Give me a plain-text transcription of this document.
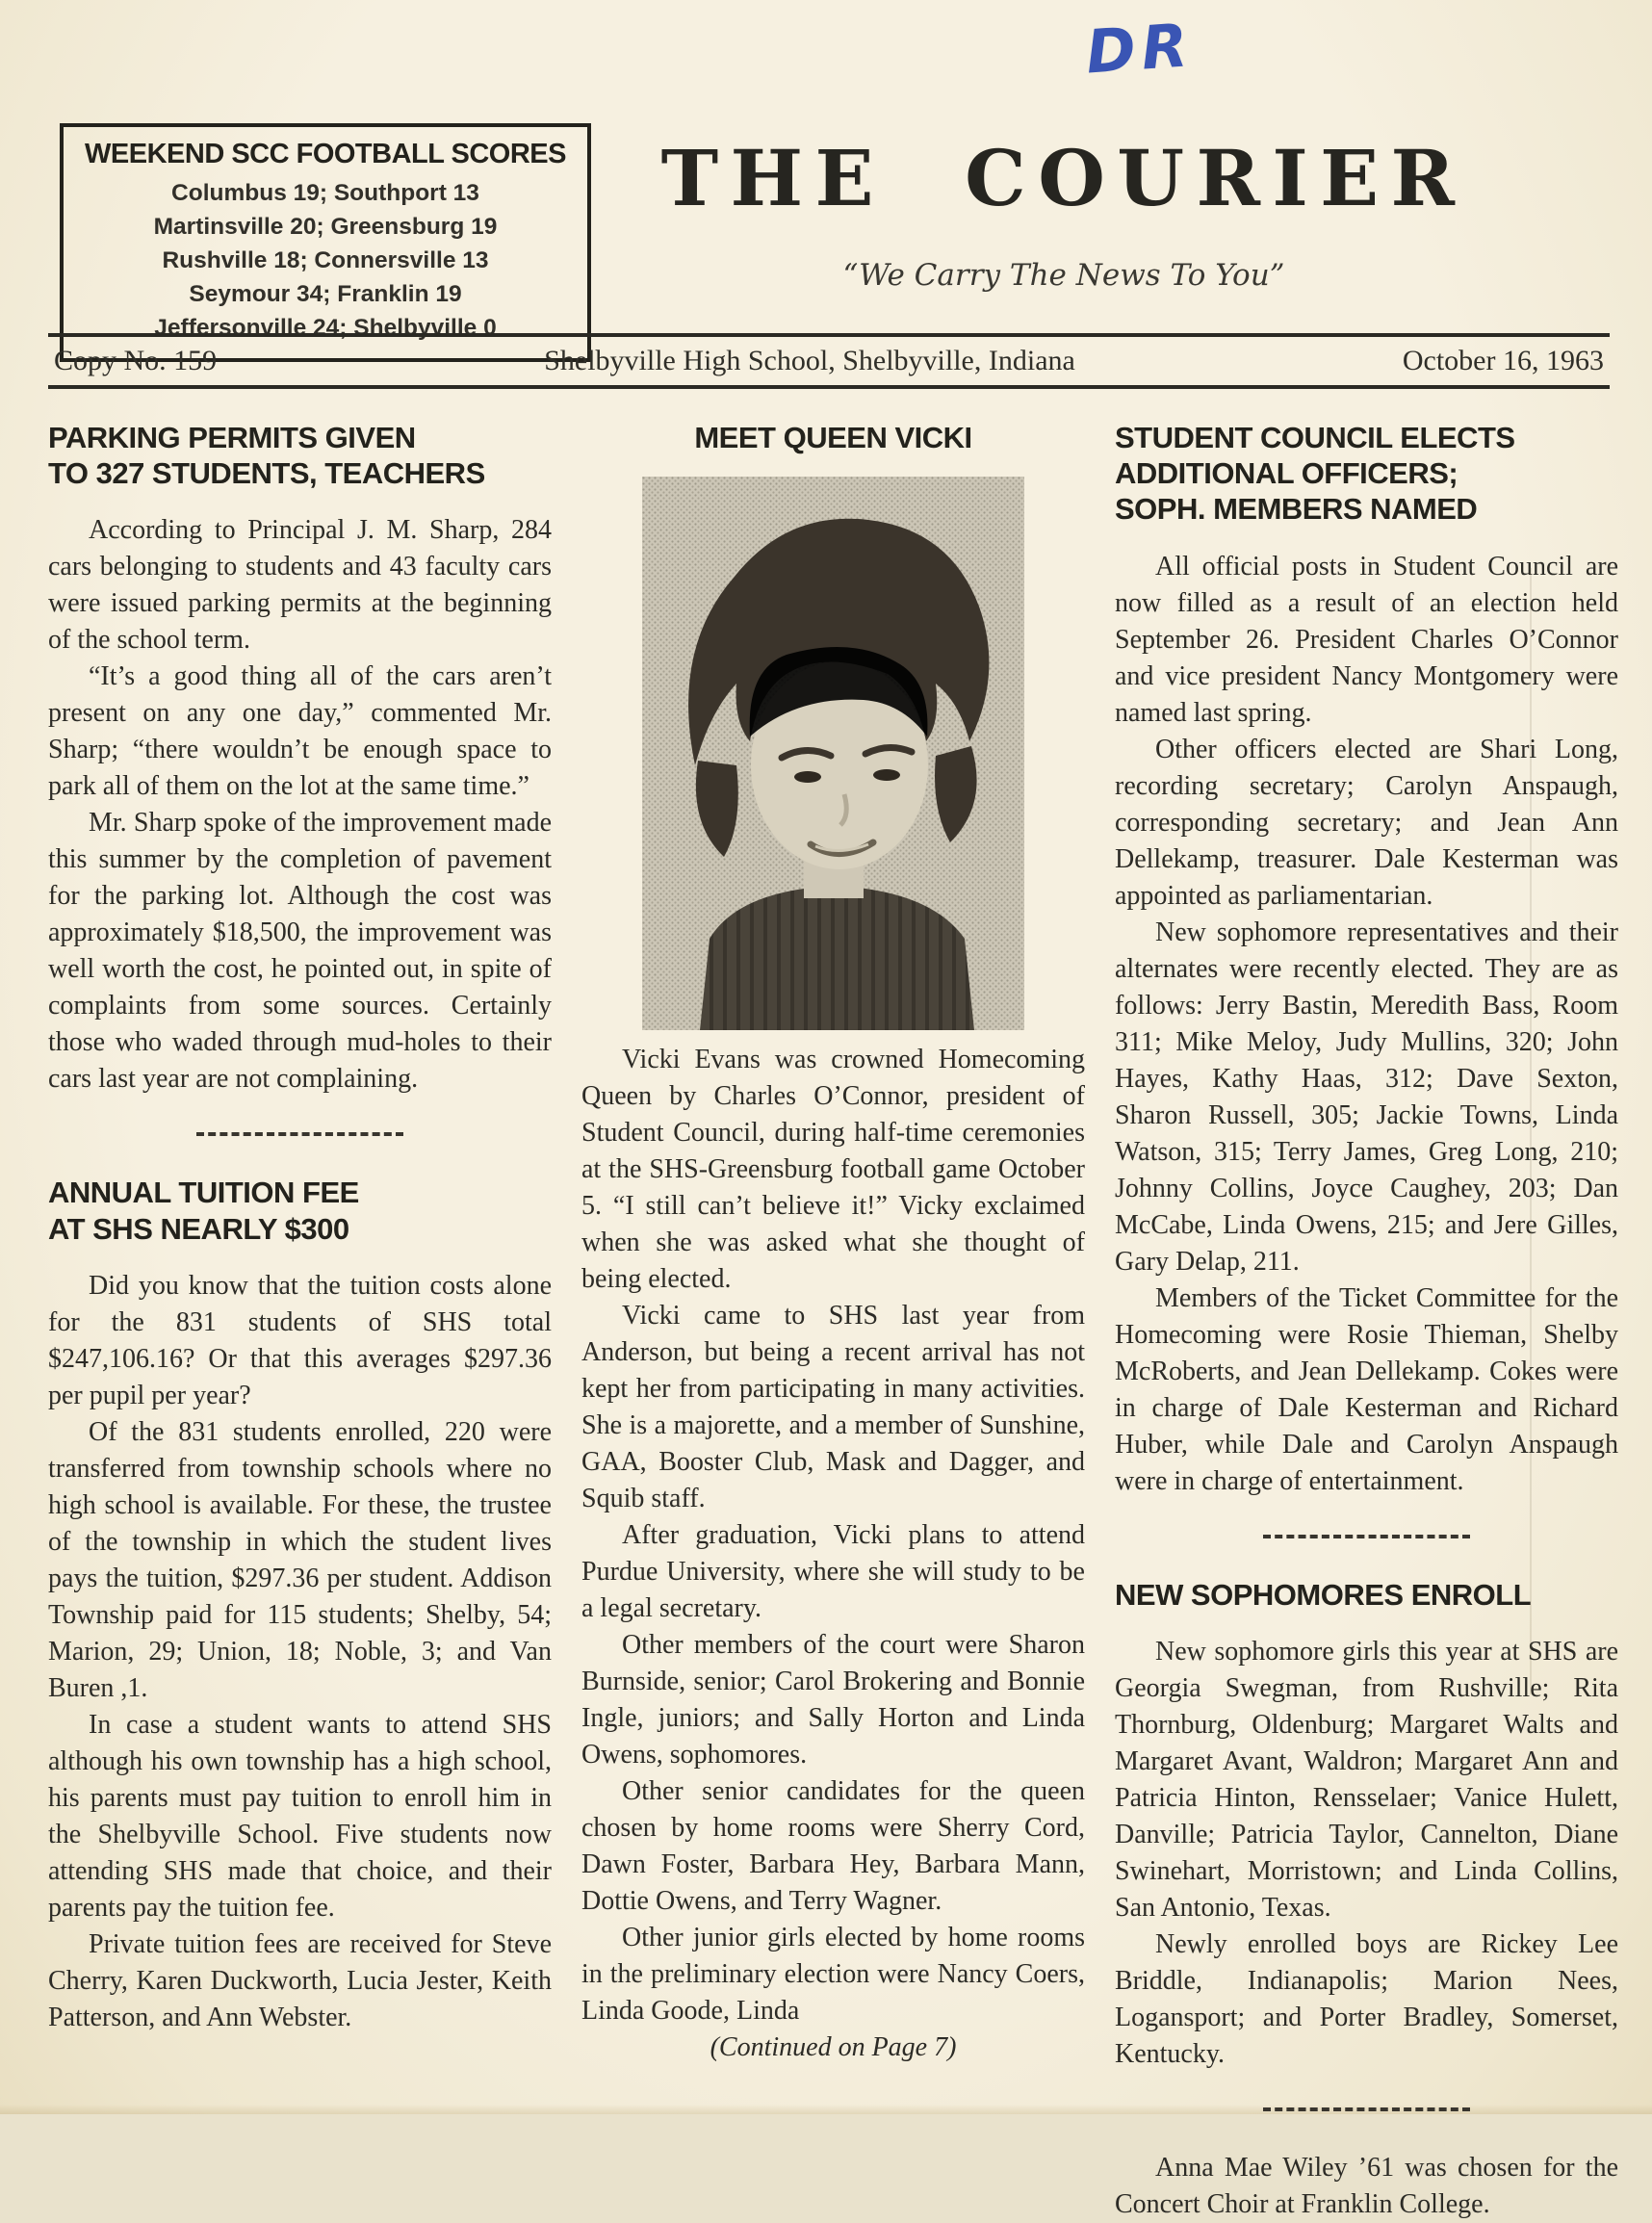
DR
WEEKEND SCC FOOTBALL SCORES
Columbus 19; Southport 13
Martinsville 20; Greensburg 19
Rushville 18; Connersville 13
Seymour 34; Franklin 19
Jeffersonville 24; Shelbyville 0
THE COURIER
“We Carry The News To You”
Copy No. 159	Shelbyville High School, Shelbyville, Indiana	October 16, 1963
PARKING PERMITS GIVEN
TO 327 STUDENTS, TEACHERS

According to Principal J. M. Sharp, 284 cars belonging to students and 43 faculty cars were issued parking permits at the beginning of the school term.

“It’s a good thing all of the cars aren’t present on any one day,” commented Mr. Sharp; “there wouldn’t be enough space to park all of them on the lot at the same time.”

Mr. Sharp spoke of the improvement made this summer by the completion of pavement for the parking lot. Although the cost was approximately $18,500, the improvement was well worth the cost, he pointed out, in spite of complaints from some sources. Certainly those who waded through mud-holes to their cars last year are not complaining.

ANNUAL TUITION FEE
AT SHS NEARLY $300

Did you know that the tuition costs alone for the 831 students of SHS total $247,106.16? Or that this averages $297.36 per pupil per year?

Of the 831 students enrolled, 220 were transferred from township schools where no high school is available. For these, the trustee of the township in which the student lives pays the tuition, $297.36 per student. Addison Township paid for 115 students; Shelby, 54; Marion, 29; Union, 18; Noble, 3; and Van Buren ,1.

In case a student wants to attend SHS although his own township has a high school, his parents must pay tuition to enroll him in the Shelbyville School. Five students now attending SHS made that choice, and their parents pay the tuition fee.

Private tuition fees are received for Steve Cherry, Karen Duckworth, Lucia Jester, Keith Patterson, and Ann Webster.

MEET QUEEN VICKI

Vicki Evans was crowned Homecoming Queen by Charles O’Connor, president of Student Council, during half-time ceremonies at the SHS-Greensburg football game October 5. “I still can’t believe it!” Vicky exclaimed when she was asked what she thought of being elected.

Vicki came to SHS last year from Anderson, but being a recent arrival has not kept her from participating in many activities. She is a majorette, and a member of Sunshine, GAA, Booster Club, Mask and Dagger, and Squib staff.

After graduation, Vicki plans to attend Purdue University, where she will study to be a legal secretary.

Other members of the court were Sharon Burnside, senior; Carol Brokering and Bonnie Ingle, juniors; and Sally Horton and Linda Owens, sophomores.

Other senior candidates for the queen chosen by home rooms were Sherry Cord, Dawn Foster, Barbara Hey, Barbara Mann, Dottie Owens, and Terry Wagner.

Other junior girls elected by home rooms in the preliminary election were Nancy Coers, Linda Goode, Linda

(Continued on Page 7)
STUDENT COUNCIL ELECTS
ADDITIONAL OFFICERS;
SOPH. MEMBERS NAMED

All official posts in Student Council are now filled as a result of an election held September 26. President Charles O’Connor and vice president Nancy Montgomery were named last spring.

Other officers elected are Shari Long, recording secretary; Carolyn Anspaugh, corresponding secretary; and Jean Ann Dellekamp, treasurer. Dale Kesterman was appointed as parliamentarian.

New sophomore representatives and their alternates were recently elected. They are as follows: Jerry Bastin, Meredith Bass, Room 311; Mike Meloy, Judy Mullins, 320; John Hayes, Kathy Haas, 312; Dave Sexton, Sharon Russell, 305; Jackie Towns, Linda Watson, 315; Terry James, Greg Long, 210; Johnny Collins, Joyce Caughey, 203; Dan McCabe, Linda Owens, 215; and Jere Gilles, Gary Delap, 211.

Members of the Ticket Committee for the Homecoming were Rosie Thieman, Shelby McRoberts, and Jean Dellekamp. Cokes were in charge of Dale Kesterman and Richard Huber, while Dale and Carolyn Anspaugh were in charge of entertainment.

NEW SOPHOMORES ENROLL

New sophomore girls this year at SHS are Georgia Swegman, from Rushville; Rita Thornburg, Oldenburg; Margaret Walts and Margaret Avant, Waldron; Margaret Ann and Patricia Hinton, Rensselaer; Vanice Hulett, Danville; Patricia Taylor, Cannelton, Diane Swinehart, Morristown; and Linda Collins, San Antonio, Texas.

Newly enrolled boys are Rickey Lee Briddle, Indianapolis; Marion Nees, Logansport; and Porter Bradley, Somerset, Kentucky.

Anna Mae Wiley ’61 was chosen for the Concert Choir at Franklin College.
